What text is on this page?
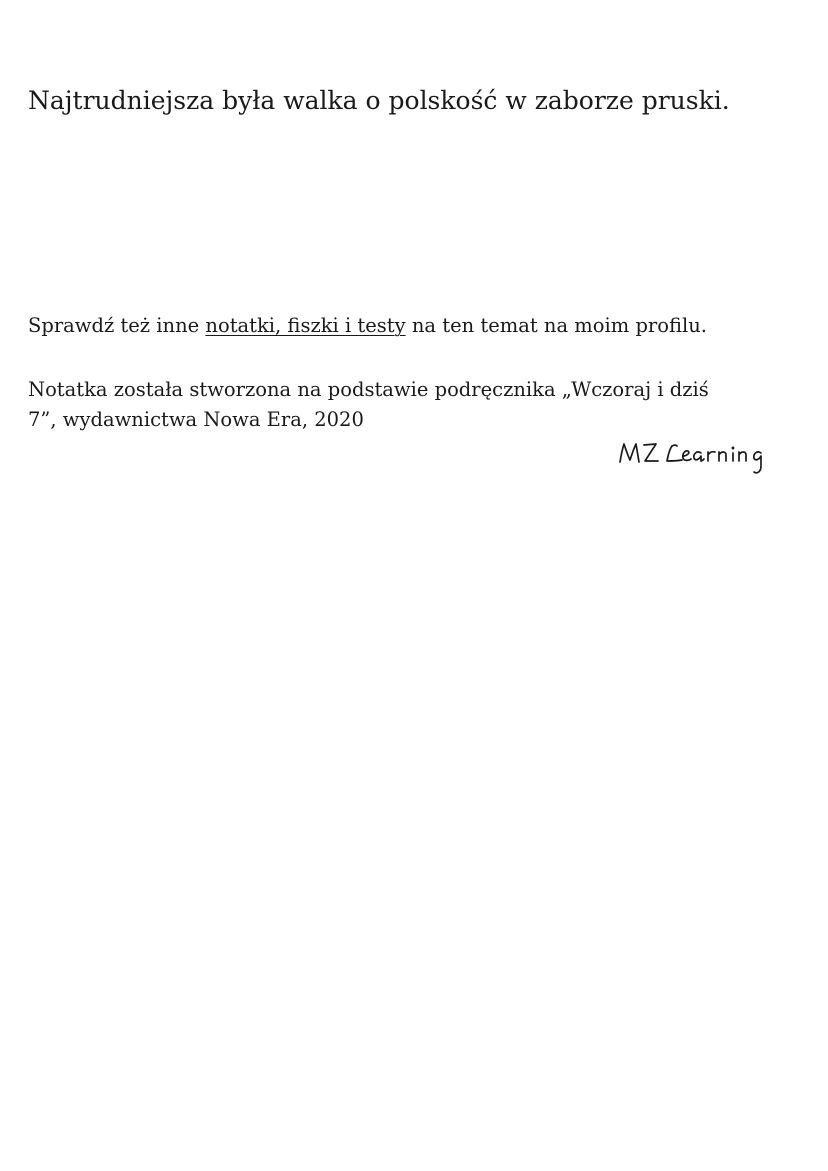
Najtrudniejsza była walka o polskość w zaborze pruski.
Sprawdź też inne notatki, fiszki i testy na ten temat na moim profilu.
Notatka została stworzona na podstawie podręcznika „Wczoraj i dziś
7”, wydawnictwa Nowa Era, 2020	MZ Learning
